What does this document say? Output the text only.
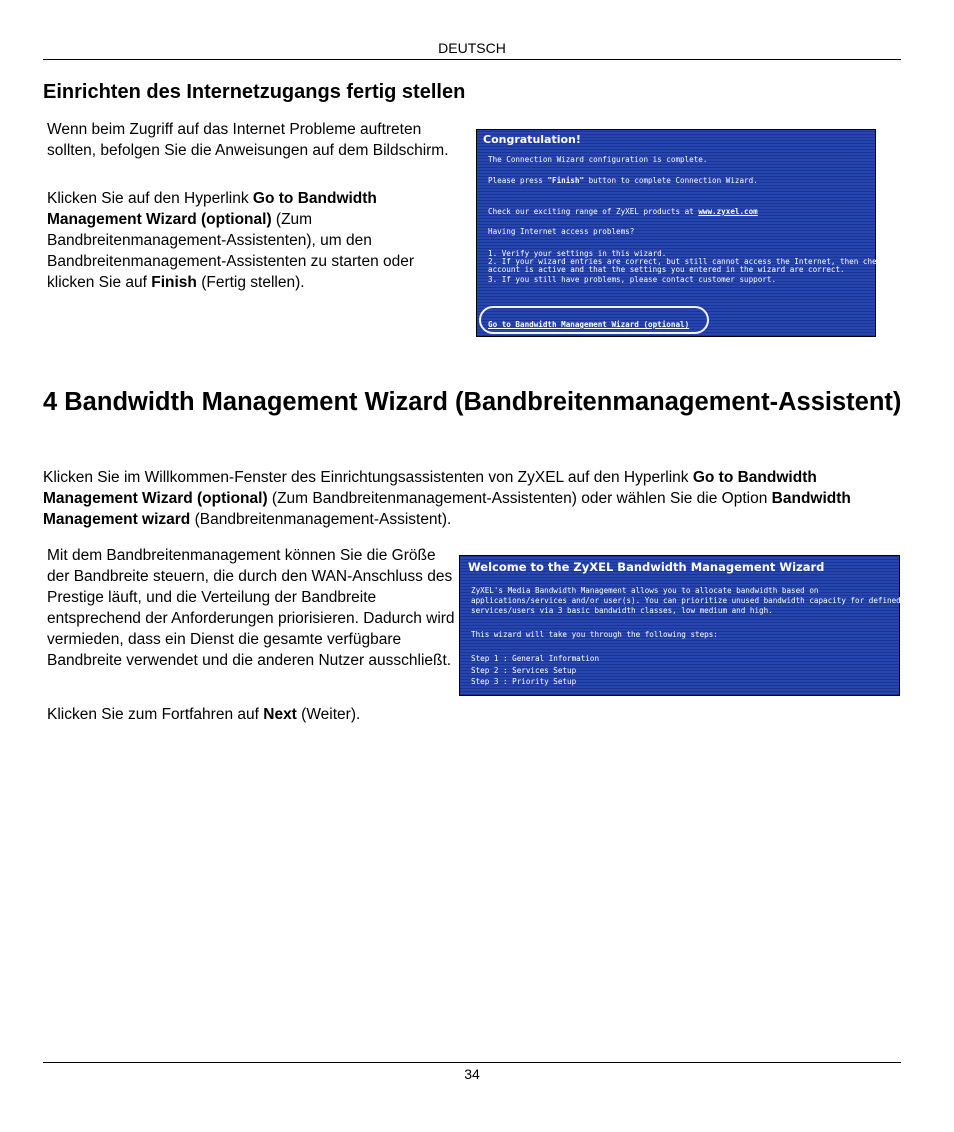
DEUTSCH
Einrichten des Internetzugangs fertig stellen

Wenn beim Zugriff auf das Internet Probleme auftreten sollten, befolgen Sie die Anweisungen auf dem Bildschirm.

Klicken Sie auf den Hyperlink Go to Bandwidth Management Wizard (optional) (Zum Bandbreitenmanagement-Assistenten), um den Bandbreitenmanagement-Assistenten zu starten oder klicken Sie auf Finish (Fertig stellen).

Congratulation!
The Connection Wizard configuration is complete.
Please press "Finish" button to complete Connection Wizard.
Check our exciting range of ZyXEL products at www.zyxel.com
Having Internet access problems?
1. Verify your settings in this wizard.
2. If your wizard entries are correct, but still cannot access the Internet, then check that your ISP
account is active and that the settings you entered in the wizard are correct.
3. If you still have problems, please contact customer support.
Go to Bandwidth Management Wizard (optional)
4 Bandwidth Management Wizard (Bandbreitenmanagement-Assistent)

Klicken Sie im Willkommen-Fenster des Einrichtungsassistenten von ZyXEL auf den Hyperlink Go to Bandwidth Management Wizard (optional) (Zum Bandbreitenmanagement-Assistenten) oder wählen Sie die Option Bandwidth Management wizard (Bandbreitenmanagement-Assistent).

Mit dem Bandbreitenmanagement können Sie die Größe der Bandbreite steuern, die durch den WAN-Anschluss des Prestige läuft, und die Verteilung der Bandbreite entsprechend der Anforderungen priorisieren. Dadurch wird vermieden, dass ein Dienst die gesamte verfügbare Bandbreite verwendet und die anderen Nutzer ausschließt.

Klicken Sie zum Fortfahren auf Next (Weiter).

Welcome to the ZyXEL Bandwidth Management Wizard
ZyXEL's Media Bandwidth Management allows you to allocate bandwidth based on
applications/services and/or user(s). You can prioritize unused bandwidth capacity for defined
services/users via 3 basic bandwidth classes, low medium and high.
This wizard will take you through the following steps:
Step 1 : General Information
Step 2 : Services Setup
Step 3 : Priority Setup
34
